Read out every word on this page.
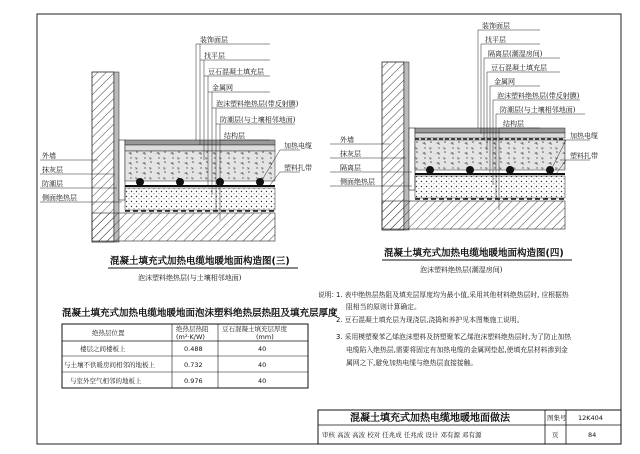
装饰面层
找平层
豆石混凝土填充层
金属网
泡沫塑料绝热层(带反射膜)
防潮层(与土壤相邻地面)
结构层
外墙
抹灰层
防潮层
侧面绝热层
加热电缆
塑料扎带
混凝土填充式加热电缆地暖地面构造图(三)
泡沫塑料绝热层(与土壤相邻地面)
装饰面层
找平层
隔离层(潮湿房间)
豆石混凝土填充层
金属网
泡沫塑料绝热层(带反射膜)
防潮层(与土壤相邻地面)
结构层
外墙
抹灰层
隔离层
侧面绝热层
加热电缆
塑料扎带
混凝土填充式加热电缆地暖地面构造图(四)
泡沫塑料绝热层(潮湿房间)
混凝土填充式加热电缆地暖地面泡沫塑料绝热层热阻及填充层厚度
绝热层位置	绝热层热阻
(m²·K/W)
豆石混凝土填充层厚度
(mm)
楼层之间楼板上	0.488	40
与土壤不供暖房间相邻的地板上	0.732	40
与室外空气相邻的地板上	0.976	40
说明: 1. 表中绝热层热阻及填充层厚度均为最小值,采用其他材料绝热层时, 应根据热
阻相当的原则计算确定。
2. 豆石混凝土填充层为现浇层,浇捣和养护见本图集施工说明。
3. 采用模塑聚苯乙烯泡沫塑料及挤塑聚苯乙烯泡沫塑料绝热层时,为了防止加热
电缆陷入绝热层,需要将固定有加热电缆的金属网垫起,使填充层材料渗到金
属网之下,避免加热电缆与绝热层直接接触。
混凝土填充式加热电缆地暖地面做法	图集号 12K404
审核 高波 高波 校对 任兆成 任兆成 设计 邓有源 邓有源	页	84
